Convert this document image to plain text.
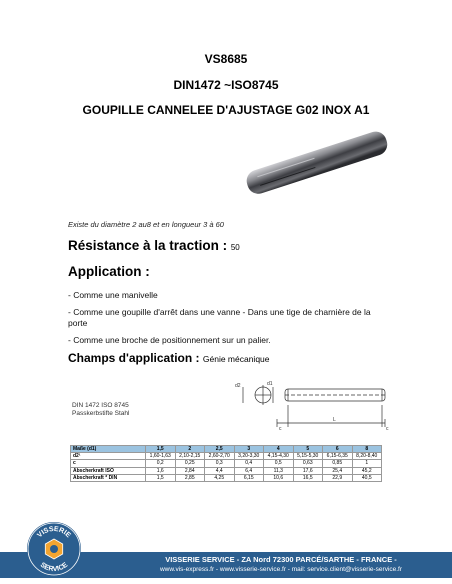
VS8685
DIN1472 ~ISO8745
GOUPILLE CANNELEE D'AJUSTAGE G02 INOX A1
Existe du diamètre 2 au8 et en longueur 3 à 60
Résistance à la traction : 50
Application :
- Comme une manivelle
- Comme une goupille d'arrêt dans une vanne - Dans une tige de charnière de la porte
- Comme une broche de positionnement sur un palier.
Champs d'application : Génie mécanique
d2	d1
c
L
c
DIN 1472 ISO 8745
Passkerbstifte Stahl
Maße (d1)	1,5	2	2,5	3	4	5	6	8
d2¹	1,60-1,63	2,10-2,15	2,60-2,70	3,20-3,30	4,15-4,30	5,15-5,30	6,15-6,35	8,20-8,40
c	0,2	0,25	0,3	0,4	0,5	0,63	0,85	1
Abscherkraft ISO	1,6	2,84	4,4	6,4	11,3	17,6	25,4	45,2
Abscherkraft * DIN	1,5	2,85	4,25	6,15	10,6	16,5	22,9	40,5
VISSERIE SERVICE - ZA Nord 72300 PARCÉ/SARTHE - FRANCE -
www.vis-express.fr - www.visserie-service.fr - mail: service.client@visserie-service.fr
VISSERIE
SERVICE
